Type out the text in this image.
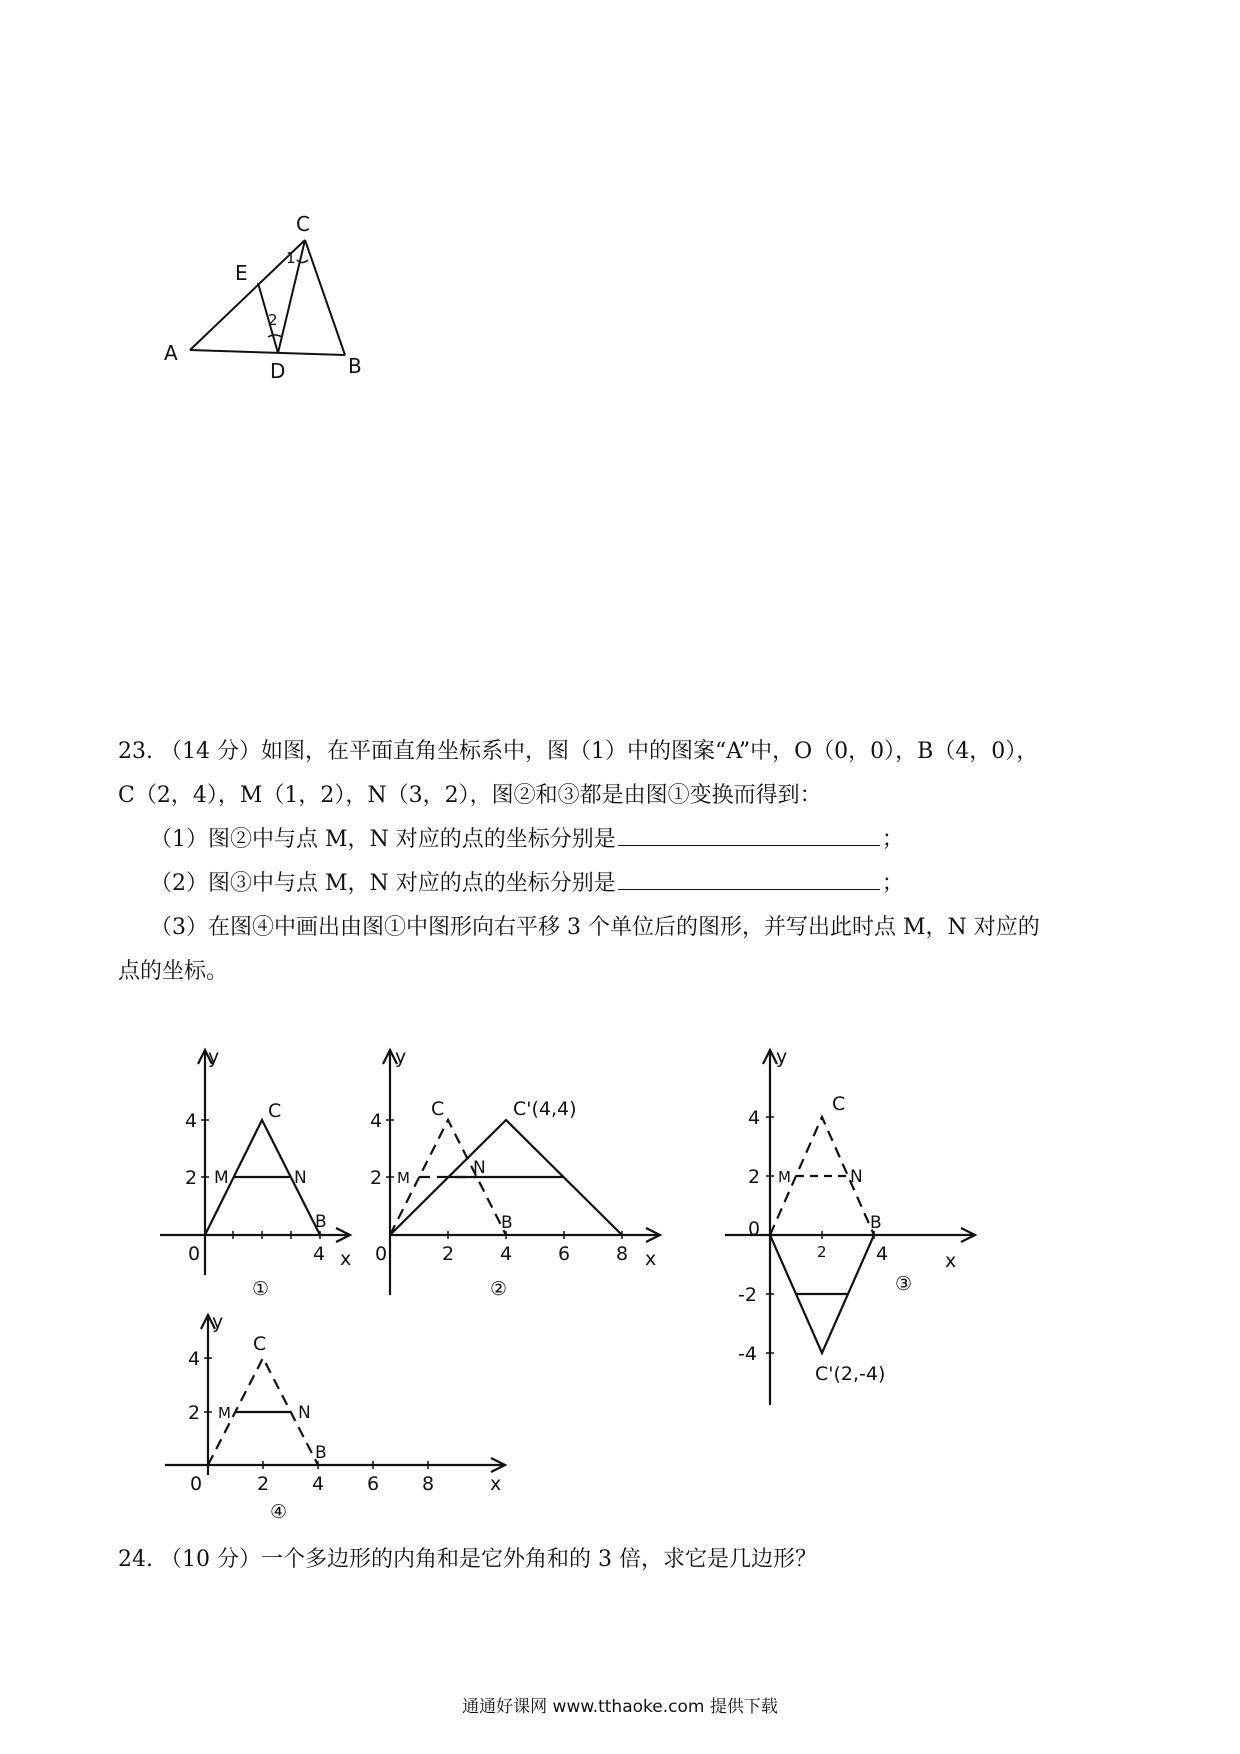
A
B
C
D
E
1
2
23. （14 分）如图，在平面直角坐标系中，图（1）中的图案“A”中，O（0，0），B（4，0），
C（2，4），M（1，2），N（3，2），图②和③都是由图①变换而得到：
（1）图②中与点 M，N 对应的点的坐标分别是	；
（2）图③中与点 M，N 对应的点的坐标分别是	；
（3）在图④中画出由图①中图形向右平移 3 个单位后的图形，并写出此时点 M，N 对应的
点的坐标。
y
x
0	4
4
2
C
M	N
B
①
y
x
0	2 4 6 8
4
2
C	C'(4,4)
M	N
B
②
y
x
0
2	4
4
2
-2
-4
C
M	N
B
③
C'(2,-4)
y
x
0	2 4 6 8
4
2
C
M	N
B
④
24. （10 分）一个多边形的内角和是它外角和的 3 倍，求它是几边形？
通通好课网 www.tthaoke.com 提供下载
